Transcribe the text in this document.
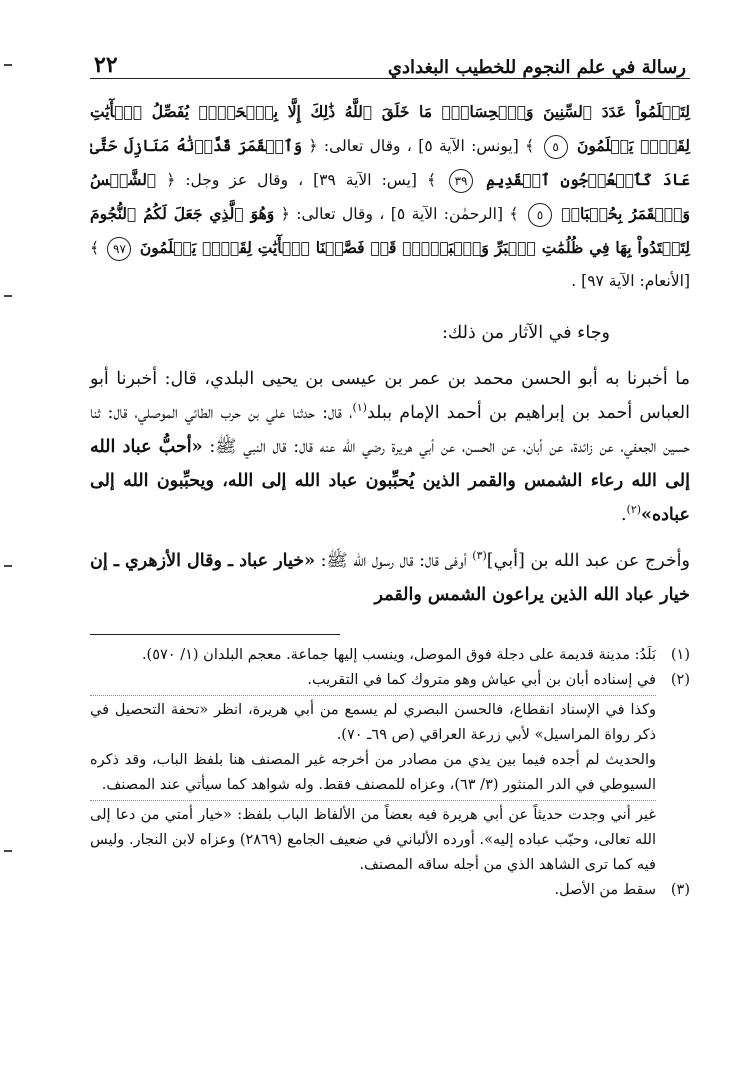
رسالة في علم النجوم للخطيب البغدادي
٢٢

لِتَعۡلَمُواْ عَدَدَ ٱلسِّنِينَ وَٱلۡحِسَابَۚ مَا خَلَقَ ٱللَّهُ ذَٰلِكَ إِلَّا بِٱلۡحَقِّۚ يُفَصِّلُ ٱلۡأٓيَٰتِ لِقَوۡمٖ يَعۡلَمُونَ ٥ ﴾ [يونس: الآية ٥] ، وقال تعالى: ﴿ وَٱلۡقَمَرَ قَدَّرۡنَٰهُ مَنَازِلَ حَتَّىٰ عَادَ كَٱلۡعُرۡجُونِ ٱلۡقَدِيمِ ٣٩ ﴾ [يس: الآية ٣٩] ، وقال عز وجل: ﴿ ٱلشَّمۡسُ وَٱلۡقَمَرُ بِحُسۡبَانٖ ٥ ﴾ [الرحمٰن: الآية ٥] ، وقال تعالى: ﴿ وَهُوَ ٱلَّذِي جَعَلَ لَكُمُ ٱلنُّجُومَ لِتَهۡتَدُواْ بِهَا فِي ظُلُمَٰتِ ٱلۡبَرِّ وَٱلۡبَحۡرِۗ قَدۡ فَصَّلۡنَا ٱلۡأٓيَٰتِ لِقَوۡمٖ يَعۡلَمُونَ ٩٧ ﴾ [الأنعام: الآية ٩٧] .

وجاء في الآثار من ذلك:

ما أخبرنا به أبو الحسن محمد بن عمر بن عيسى بن يحيى البلدي، قال: أخبرنا أبو العباس أحمد بن إبراهيم بن أحمد الإمام ببلد$^{(١)}$، قال: حدثنا علي بن حرب الطائي الموصلي، قال: ثنا حسين الجعفي، عن زائدة، عن أبان، عن الحسن، عن أبي هريرة رضي الله عنه قال: قال النبي ﷺ: «أحبُّ عباد الله إلى الله رعاء الشمس والقمر الذين يُحبِّبون عباد الله إلى الله، ويحبِّبون الله إلى عباده»$^{(٢)}$.

وأخرج عن عبد الله بن [أبي]$^{(٣)}$ أوفى قال: قال رسول الله ﷺ: «خيار عباد ـ وقال الأزهري ـ إن خيار عباد الله الذين يراعون الشمس والقمر

(١)

بَلَدُ: مدينة قديمة على دجلة فوق الموصل، وينسب إليها جماعة. معجم البلدان (١/ ٥٧٠).

(٢)

في إسناده أبان بن أبي عياش وهو متروك كما في التقريب.

وكذا في الإسناد انقطاع، فالحسن البصري لم يسمع من أبي هريرة، انظر «تحفة التحصيل في ذكر رواة المراسيل» لأبي زرعة العراقي (ص ٦٩ـ ٧٠).

والحديث لم أجده فيما بين يدي من مصادر من أخرجه غير المصنف هنا بلفظ الباب، وقد ذكره السيوطي في الدر المنثور (٣/ ٦٣)، وعزاه للمصنف فقط. وله شواهد كما سيأتي عند المصنف.

غير أني وجدت حديثاً عن أبي هريرة فيه بعضاً من الألفاظ الباب بلفظ: «خيار أمتي من دعا إلى الله تعالى، وحبّب عباده إليه». أورده الألباني في ضعيف الجامع (٢٨٦٩) وعزاه لابن النجار. وليس فيه كما ترى الشاهد الذي من أجله ساقه المصنف.

(٣)

سقط من الأصل.
